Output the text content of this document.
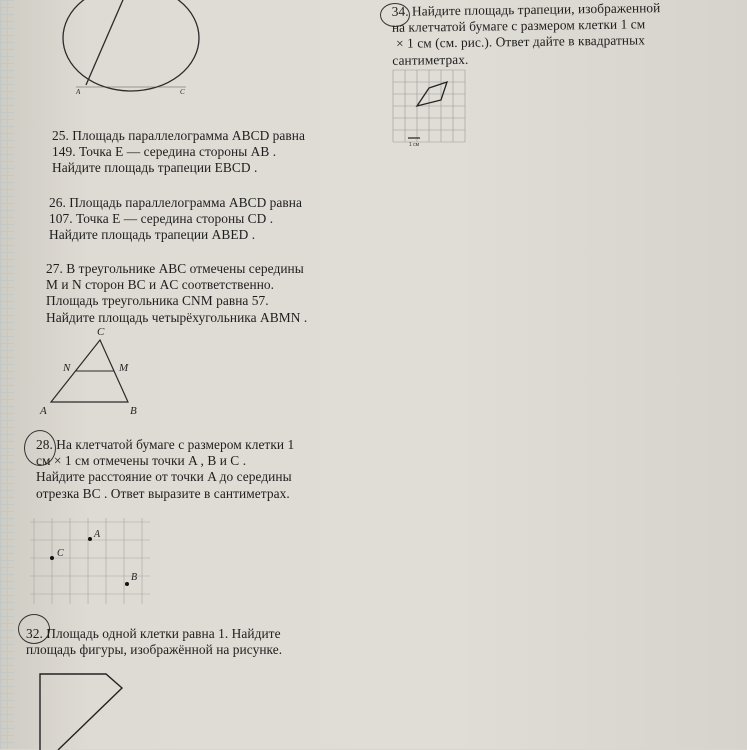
A	C
34. Найдите площадь трапеции, изображенной
на клетчатой бумаге с размером клетки 1 см
× 1 см (см. рис.). Ответ дайте в квадратных
сантиметрах.
1 см
25. Площадь параллелограмма ABCD равна
149. Точка E — середина стороны AB .
Найдите площадь трапеции EBCD .
26. Площадь параллелограмма ABCD равна
107. Точка E — середина стороны CD .
Найдите площадь трапеции ABED .
27. В треугольнике ABC отмечены середины
M и N сторон BC и AC соответственно.
Площадь треугольника CNM равна 57.
Найдите площадь четырёхугольника ABMN .
C
N	M
A	B
28. На клетчатой бумаге с размером клетки 1
см × 1 см отмечены точки A , B и C .
Найдите расстояние от точки A до середины
отрезка BC . Ответ выразите в сантиметрах.
A
C
B
32. Площадь одной клетки равна 1. Найдите
площадь фигуры, изображённой на рисунке.
